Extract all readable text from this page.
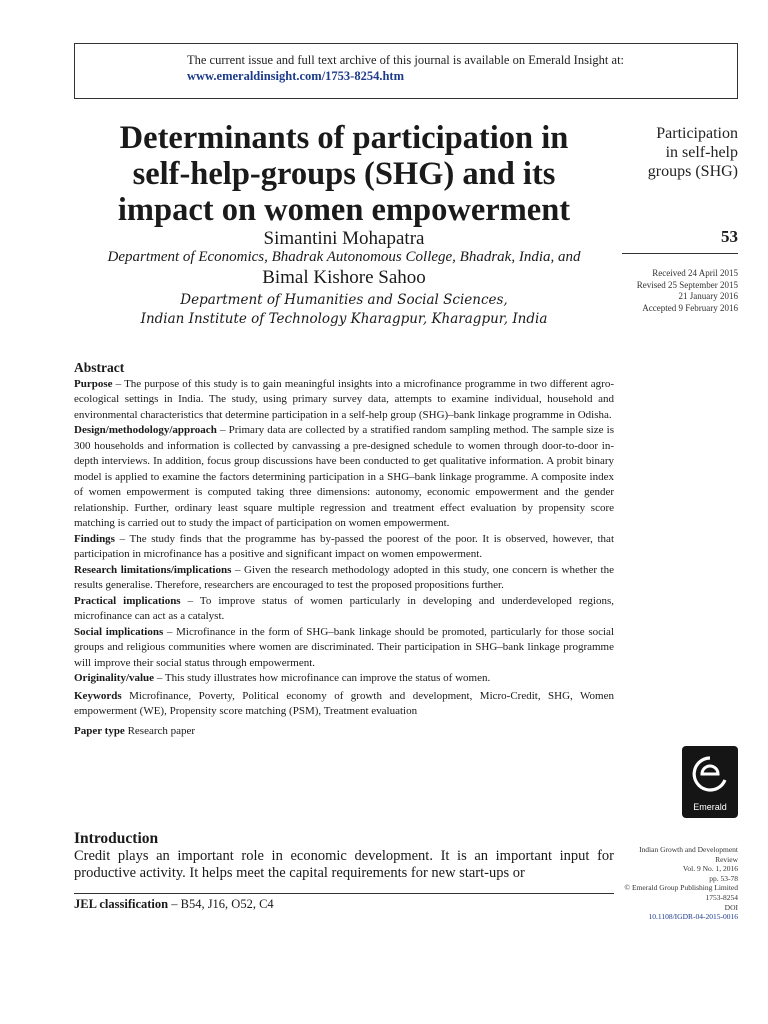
The current issue and full text archive of this journal is available on Emerald Insight at:
www.emeraldinsight.com/1753-8254.htm
Determinants of participation in
self-help-groups (SHG) and its
impact on women empowerment
Simantini Mohapatra
Department of Economics, Bhadrak Autonomous College, Bhadrak, India, and
Bimal Kishore Sahoo
Department of Humanities and Social Sciences,
Indian Institute of Technology Kharagpur, Kharagpur, India
Participation
in self-help
groups (SHG)
53
Received 24 April 2015
Revised 25 September 2015
21 January 2016
Accepted 9 February 2016
Abstract

Purpose – The purpose of this study is to gain meaningful insights into a microfinance programme in two different agro-ecological settings in India. The study, using primary survey data, attempts to examine individual, household and environmental characteristics that determine participation in a self-help group (SHG)–bank linkage programme in Odisha.

Design/methodology/approach – Primary data are collected by a stratified random sampling method. The sample size is 300 households and information is collected by canvassing a pre-designed schedule to women through door-to-door in-depth interviews. In addition, focus group discussions have been conducted to get qualitative information. A probit binary model is applied to examine the factors determining participation in a SHG–bank linkage programme. A composite index of women empowerment is computed taking three dimensions: autonomy, economic empowerment and the gender relationship. Further, ordinary least square multiple regression and treatment effect evaluation by propensity score matching is carried out to study the impact of participation on women empowerment.

Findings – The study finds that the programme has by-passed the poorest of the poor. It is observed, however, that participation in microfinance has a positive and significant impact on women empowerment.

Research limitations/implications – Given the research methodology adopted in this study, one concern is whether the results generalise. Therefore, researchers are encouraged to test the proposed propositions further.

Practical implications – To improve status of women particularly in developing and underdeveloped regions, microfinance can act as a catalyst.

Social implications – Microfinance in the form of SHG–bank linkage should be promoted, particularly for those social groups and religious communities where women are discriminated. Their participation in SHG–bank linkage programme will improve their social status through empowerment.

Originality/value – This study illustrates how microfinance can improve the status of women.

Keywords Microfinance, Poverty, Political economy of growth and development, Micro-Credit, SHG, Women empowerment (WE), Propensity score matching (PSM), Treatment evaluation

Paper type Research paper

Emerald
Introduction

Credit plays an important role in economic development. It is an important input for productive activity. It helps meet the capital requirements for new start-ups or

JEL classification – B54, J16, O52, C4
Indian Growth and Development
Review
Vol. 9 No. 1, 2016
pp. 53-78
© Emerald Group Publishing Limited
1753-8254
DOI
10.1108/IGDR-04-2015-0016
